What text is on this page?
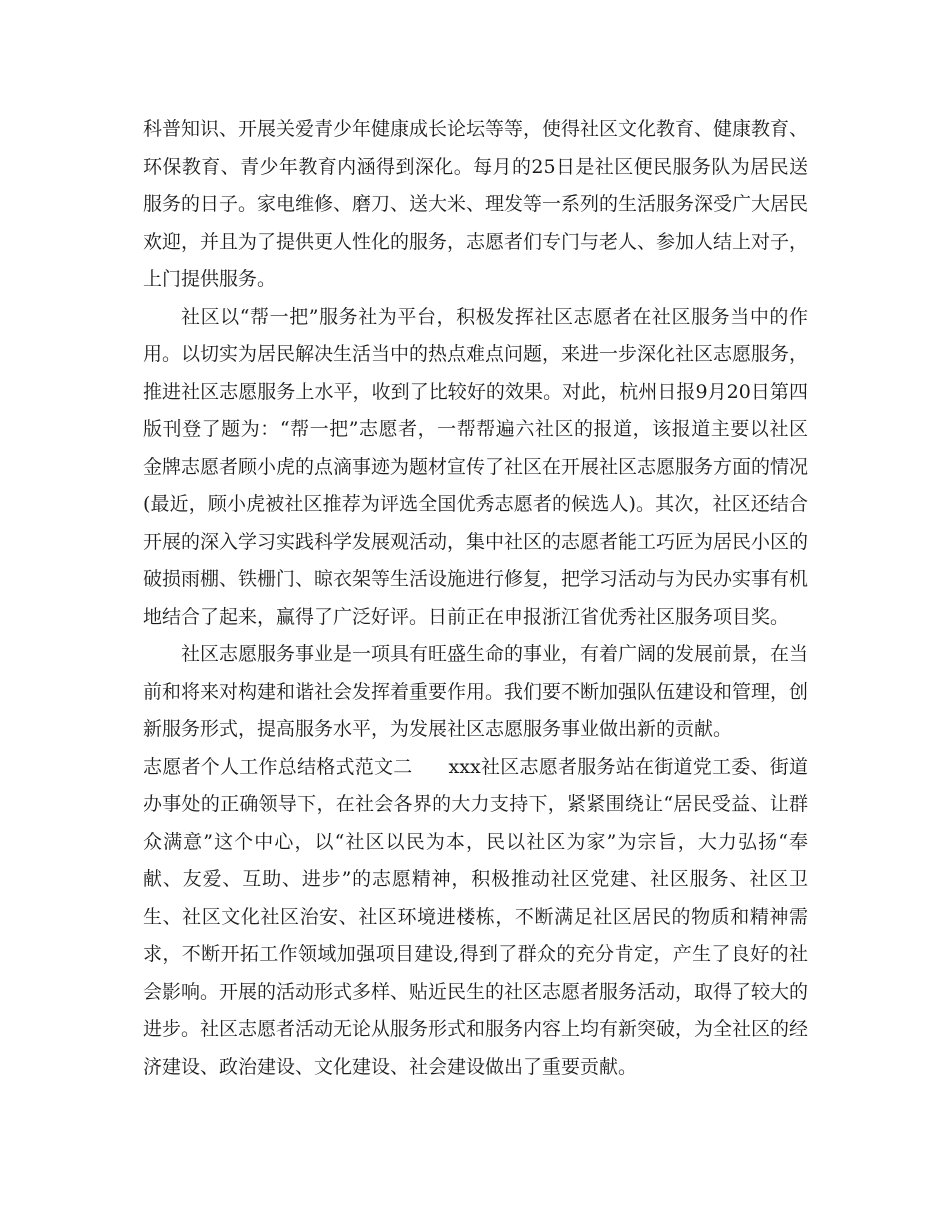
科普知识、开展关爱青少年健康成长论坛等等，使得社区文化教育、健康教育、环保教育、青少年教育内涵得到深化。每月的25日是社区便民服务队为居民送服务的日子。家电维修、磨刀、送大米、理发等一系列的生活服务深受广大居民欢迎，并且为了提供更人性化的服务，志愿者们专门与老人、参加人结上对子，上门提供服务。

社区以“帮一把”服务社为平台，积极发挥社区志愿者在社区服务当中的作用。以切实为居民解决生活当中的热点难点问题，来进一步深化社区志愿服务，推进社区志愿服务上水平，收到了比较好的效果。对此，杭州日报9月20日第四版刊登了题为：“帮一把”志愿者，一帮帮遍六社区的报道，该报道主要以社区金牌志愿者顾小虎的点滴事迹为题材宣传了社区在开展社区志愿服务方面的情况(最近，顾小虎被社区推荐为评选全国优秀志愿者的候选人)。其次，社区还结合开展的深入学习实践科学发展观活动，集中社区的志愿者能工巧匠为居民小区的破损雨棚、铁栅门、晾衣架等生活设施进行修复，把学习活动与为民办实事有机地结合了起来，赢得了广泛好评。日前正在申报浙江省优秀社区服务项目奖。

社区志愿服务事业是一项具有旺盛生命的事业，有着广阔的发展前景，在当前和将来对构建和谐社会发挥着重要作用。我们要不断加强队伍建设和管理，创新服务形式，提高服务水平，为发展社区志愿服务事业做出新的贡献。

志愿者个人工作总结格式范文二 xxx社区志愿者服务站在街道党工委、街道办事处的正确领导下，在社会各界的大力支持下，紧紧围绕让“居民受益、让群众满意”这个中心，以“社区以民为本，民以社区为家”为宗旨，大力弘扬“奉献、友爱、互助、进步”的志愿精神，积极推动社区党建、社区服务、社区卫生、社区文化社区治安、社区环境进楼栋，不断满足社区居民的物质和精神需求，不断开拓工作领域加强项目建设,得到了群众的充分肯定，产生了良好的社会影响。开展的活动形式多样、贴近民生的社区志愿者服务活动，取得了较大的进步。社区志愿者活动无论从服务形式和服务内容上均有新突破，为全社区的经济建设、政治建设、文化建设、社会建设做出了重要贡献。
